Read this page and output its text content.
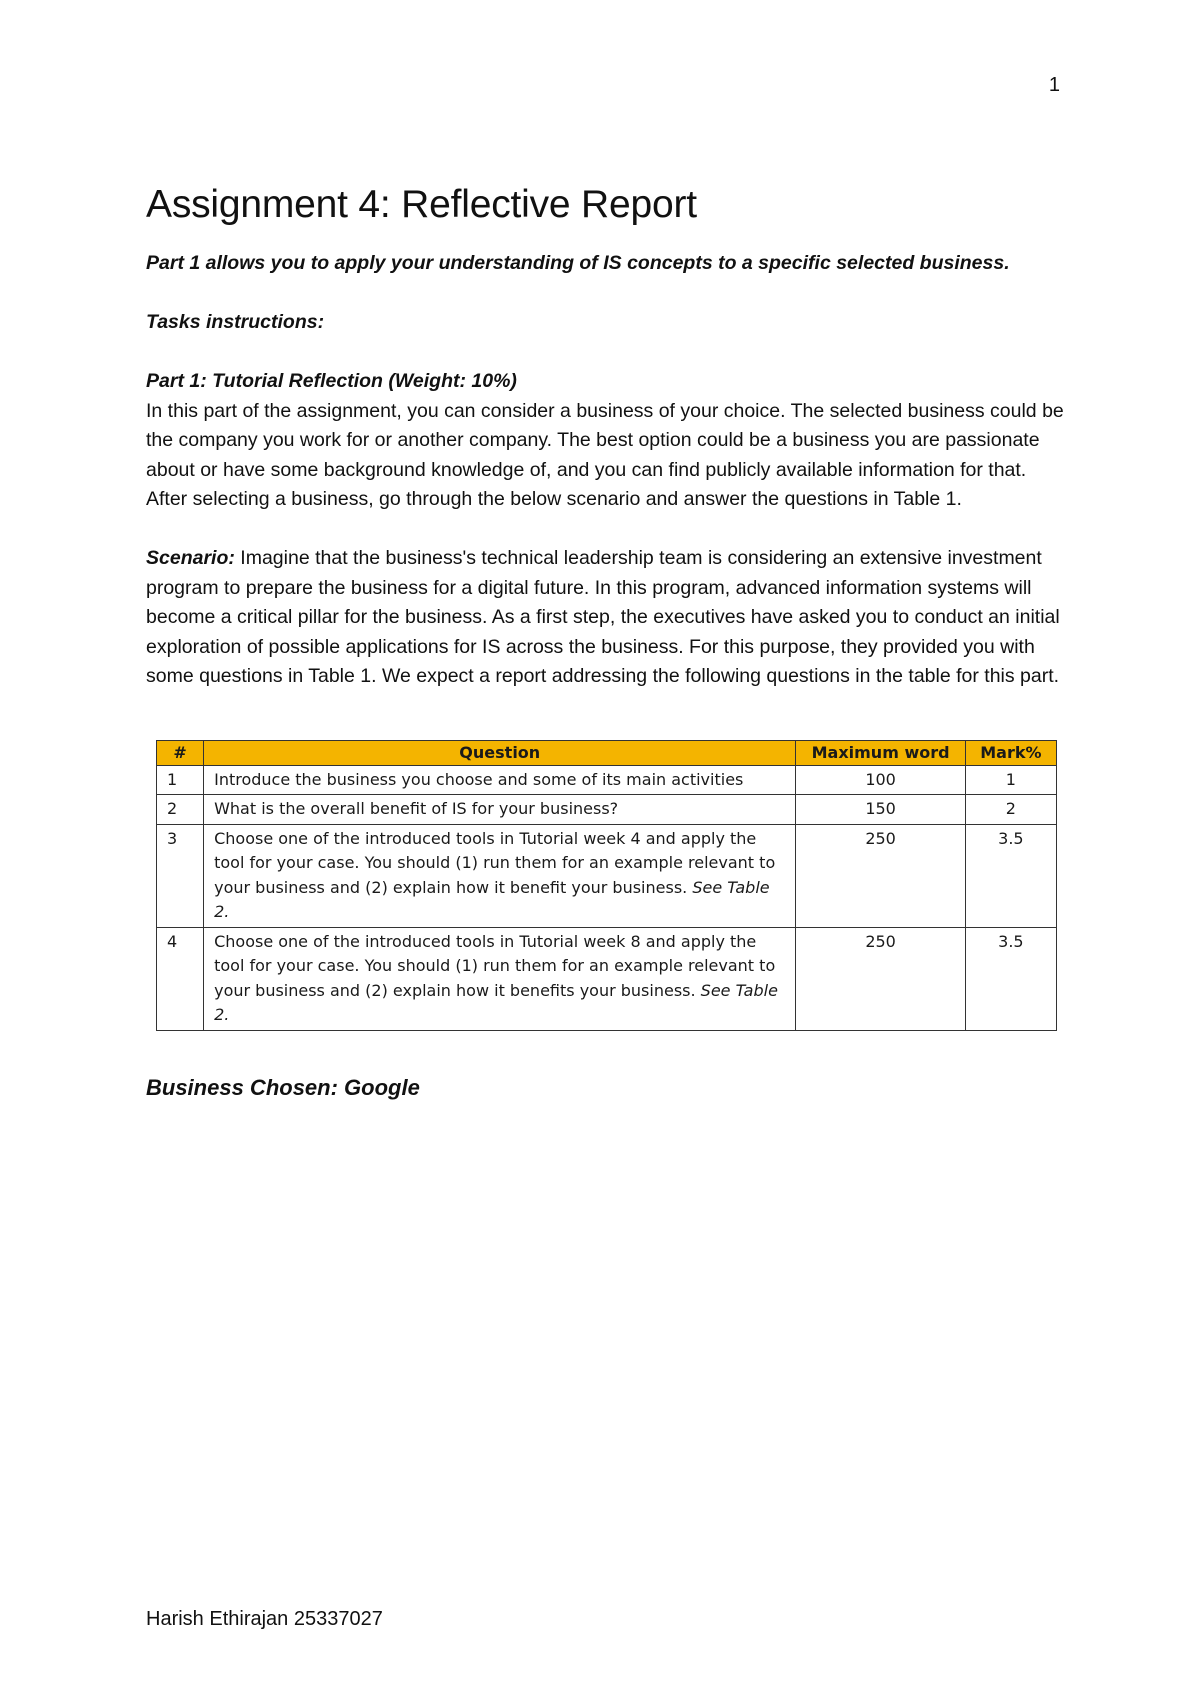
1
Assignment 4: Reflective Report

Part 1 allows you to apply your understanding of IS concepts to a specific selected business.

Tasks instructions:

Part 1: Tutorial Reflection (Weight: 10%)

In this part of the assignment, you can consider a business of your choice. The selected business could be the company you work for or another company. The best option could be a business you are passionate about or have some background knowledge of, and you can find publicly available information for that. After selecting a business, go through the below scenario and answer the questions in Table 1.

Scenario: Imagine that the business's technical leadership team is considering an extensive investment program to prepare the business for a digital future. In this program, advanced information systems will become a critical pillar for the business. As a first step, the executives have asked you to conduct an initial exploration of possible applications for IS across the business. For this purpose, they provided you with some questions in Table 1. We expect a report addressing the following questions in the table for this part.

#	Question	Maximum word	Mark%
1	Introduce the business you choose and some of its main activities	100	1
2	What is the overall benefit of IS for your business?	150	2
3	Choose one of the introduced tools in Tutorial week 4 and apply the tool for your case. You should (1) run them for an example relevant to your business and (2) explain how it benefit your business. See Table 2.	250	3.5
4	Choose one of the introduced tools in Tutorial week 8 and apply the tool for your case. You should (1) run them for an example relevant to your business and (2) explain how it benefits your business. See Table 2.	250	3.5

Business Chosen: Google

Harish Ethirajan 25337027
